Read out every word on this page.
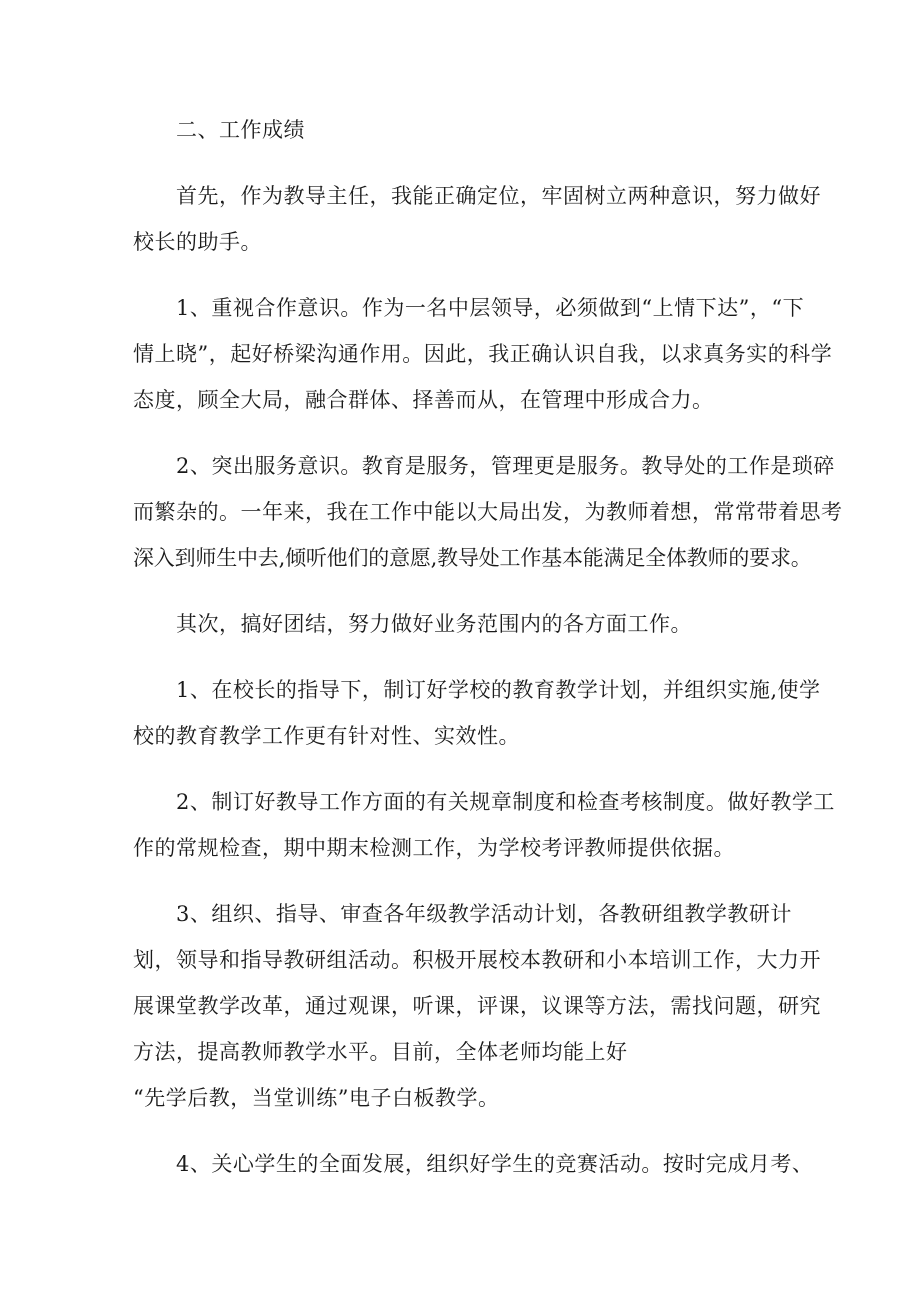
二、工作成绩
首先，作为教导主任，我能正确定位，牢固树立两种意识，努力做好
校长的助手。
1、重视合作意识。作为一名中层领导，必须做到“上情下达”，“下
情上晓”，起好桥梁沟通作用。因此，我正确认识自我，以求真务实的科学
态度，顾全大局，融合群体、择善而从，在管理中形成合力。
2、突出服务意识。教育是服务，管理更是服务。教导处的工作是琐碎
而繁杂的。一年来，我在工作中能以大局出发，为教师着想，常常带着思考
深入到师生中去,倾听他们的意愿,教导处工作基本能满足全体教师的要求。
其次，搞好团结，努力做好业务范围内的各方面工作。
1、在校长的指导下，制订好学校的教育教学计划，并组织实施,使学
校的教育教学工作更有针对性、实效性。
2、制订好教导工作方面的有关规章制度和检查考核制度。做好教学工
作的常规检查，期中期末检测工作，为学校考评教师提供依据。
3、组织、指导、审查各年级教学活动计划，各教研组教学教研计
划，领导和指导教研组活动。积极开展校本教研和小本培训工作，大力开
展课堂教学改革，通过观课，听课，评课，议课等方法，需找问题，研究
方法，提高教师教学水平。目前，全体老师均能上好
“先学后教，当堂训练”电子白板教学。
4、关心学生的全面发展，组织好学生的竞赛活动。按时完成月考、
